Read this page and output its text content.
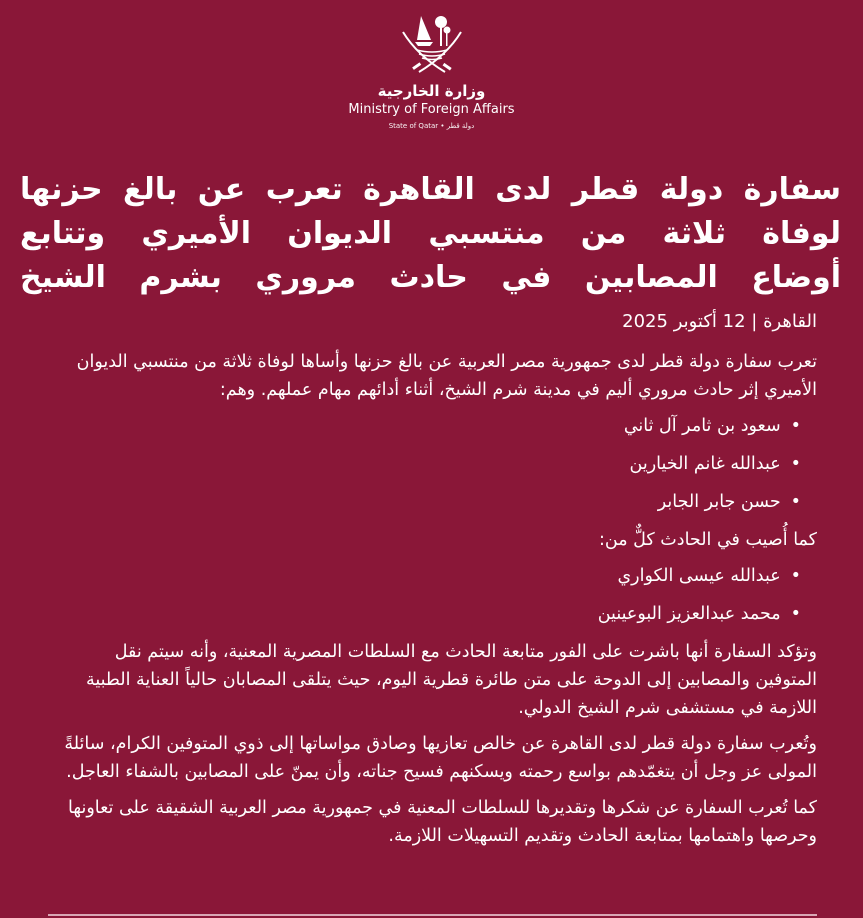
وزارة الخارجية
Ministry of Foreign Affairs
State of Qatar • دولة قطر
سفارة دولة قطر لدى القاهرة تعرب عن بالغ حزنها
لوفاة ثلاثة من منتسبي الديوان الأميري وتتابع
أوضاع المصابين في حادث مروري بشرم الشيخ

القاهرة | 12 أكتوبر 2025

تعرب سفارة دولة قطر لدى جمهورية مصر العربية عن بالغ حزنها وأساها لوفاة ثلاثة من منتسبي الديوان الأميري إثر حادث مروري أليم في مدينة شرم الشيخ، أثناء أدائهم مهام عملهم. وهم:

•سعود بن ثامر آل ثاني
•عبدالله غانم الخيارين
•حسن جابر الجابر

كما أُصيب في الحادث كلٌّ من:

•عبدالله عيسى الكواري
•محمد عبدالعزيز البوعينين

وتؤكد السفارة أنها باشرت على الفور متابعة الحادث مع السلطات المصرية المعنية، وأنه سيتم نقل المتوفين والمصابين إلى الدوحة على متن طائرة قطرية اليوم، حيث يتلقى المصابان حالياً العناية الطبية اللازمة في مستشفى شرم الشيخ الدولي.

وتُعرب سفارة دولة قطر لدى القاهرة عن خالص تعازيها وصادق مواساتها إلى ذوي المتوفين الكرام، سائلةً المولى عز وجل أن يتغمّدهم بواسع رحمته ويسكنهم فسيح جناته، وأن يمنّ على المصابين بالشفاء العاجل.

كما تُعرب السفارة عن شكرها وتقديرها للسلطات المعنية في جمهورية مصر العربية الشقيقة على تعاونها وحرصها واهتمامها بمتابعة الحادث وتقديم التسهيلات اللازمة.
